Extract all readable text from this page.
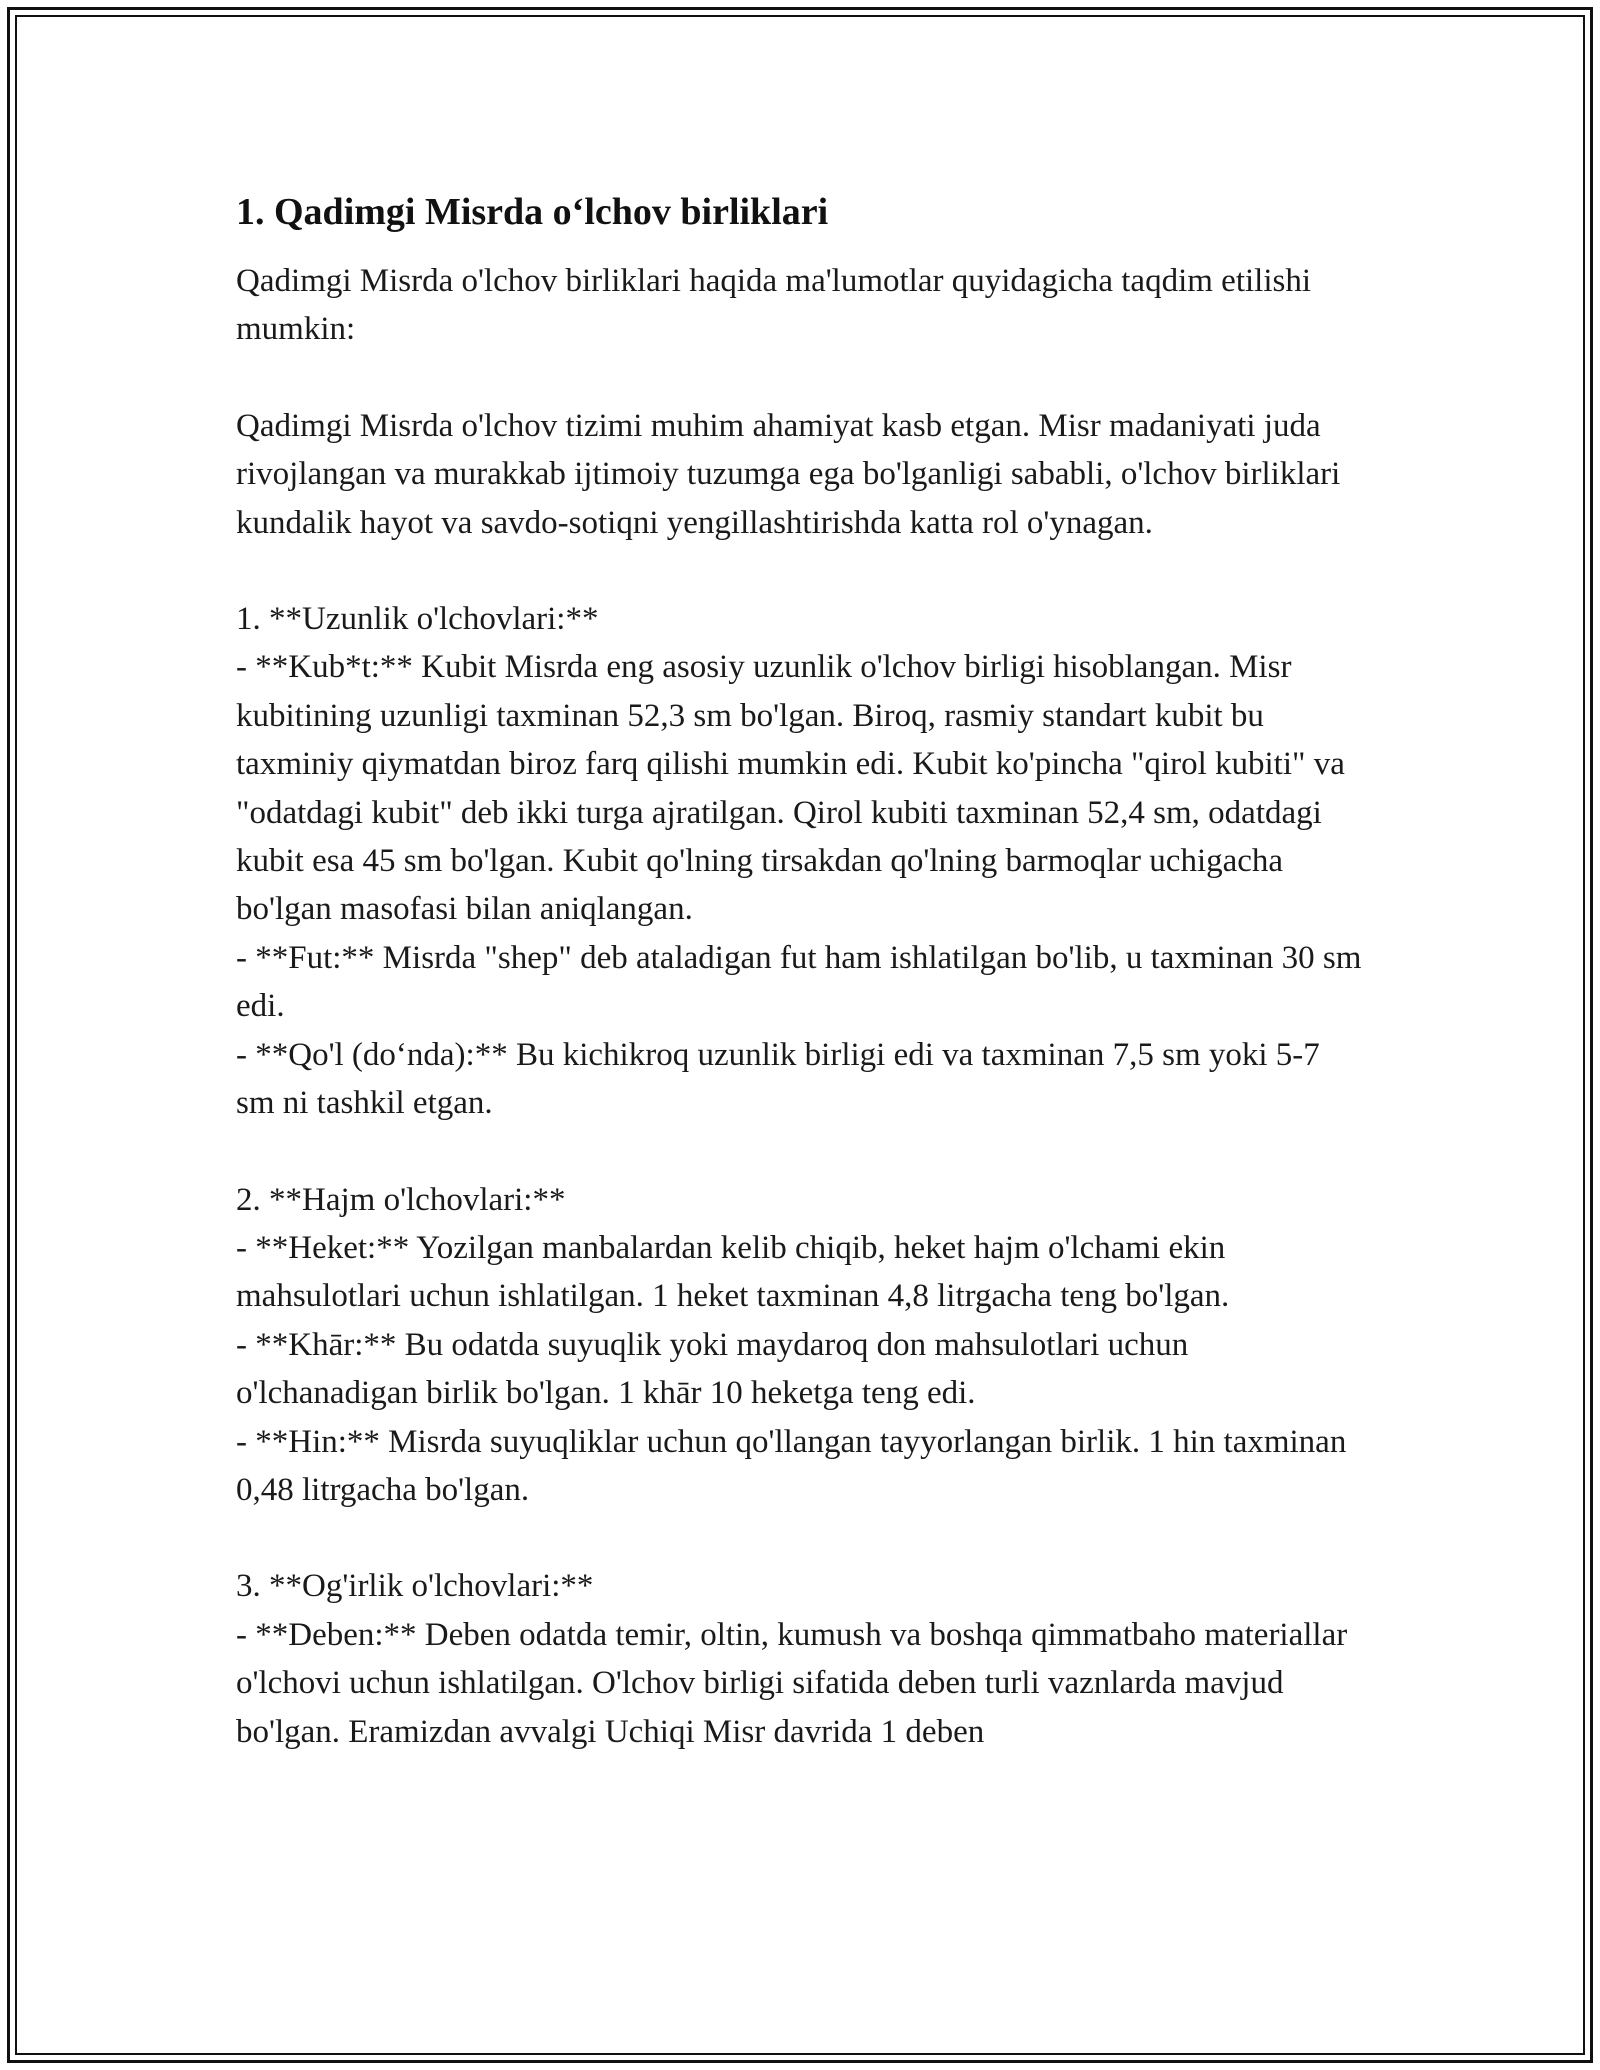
1. Qadimgi Misrda o‘lchov birliklari

Qadimgi Misrda o'lchov birliklari haqida ma'lumotlar quyidagicha taqdim etilishi mumkin:

Qadimgi Misrda o'lchov tizimi muhim ahamiyat kasb etgan. Misr madaniyati juda rivojlangan va murakkab ijtimoiy tuzumga ega bo'lganligi sababli, o'lchov birliklari kundalik hayot va savdo-sotiqni yengillashtirishda katta rol o'ynagan.

1. **Uzunlik o'lchovlari:**
- **Kub*t:** Kubit Misrda eng asosiy uzunlik o'lchov birligi hisoblangan. Misr kubitining uzunligi taxminan 52,3 sm bo'lgan. Biroq, rasmiy standart kubit bu taxminiy qiymatdan biroz farq qilishi mumkin edi. Kubit ko'pincha "qirol kubiti" va "odatdagi kubit" deb ikki turga ajratilgan. Qirol kubiti taxminan 52,4 sm, odatdagi kubit esa 45 sm bo'lgan. Kubit qo'lning tirsakdan qo'lning barmoqlar uchigacha bo'lgan masofasi bilan aniqlangan.
- **Fut:** Misrda "shep" deb ataladigan fut ham ishlatilgan bo'lib, u taxminan 30 sm edi.
- **Qo'l (do‘nda):** Bu kichikroq uzunlik birligi edi va taxminan 7,5 sm yoki 5-7 sm ni tashkil etgan.

2. **Hajm o'lchovlari:**
- **Heket:** Yozilgan manbalardan kelib chiqib, heket hajm o'lchami ekin mahsulotlari uchun ishlatilgan. 1 heket taxminan 4,8 litrgacha teng bo'lgan.
- **Khār:** Bu odatda suyuqlik yoki maydaroq don mahsulotlari uchun o'lchanadigan birlik bo'lgan. 1 khār 10 heketga teng edi.
- **Hin:** Misrda suyuqliklar uchun qo'llangan tayyorlangan birlik. 1 hin taxminan 0,48 litrgacha bo'lgan.

3. **Og'irlik o'lchovlari:**
- **Deben:** Deben odatda temir, oltin, kumush va boshqa qimmatbaho materiallar o'lchovi uchun ishlatilgan. O'lchov birligi sifatida deben turli vaznlarda mavjud bo'lgan. Eramizdan avvalgi Uchiqi Misr davrida 1 deben
